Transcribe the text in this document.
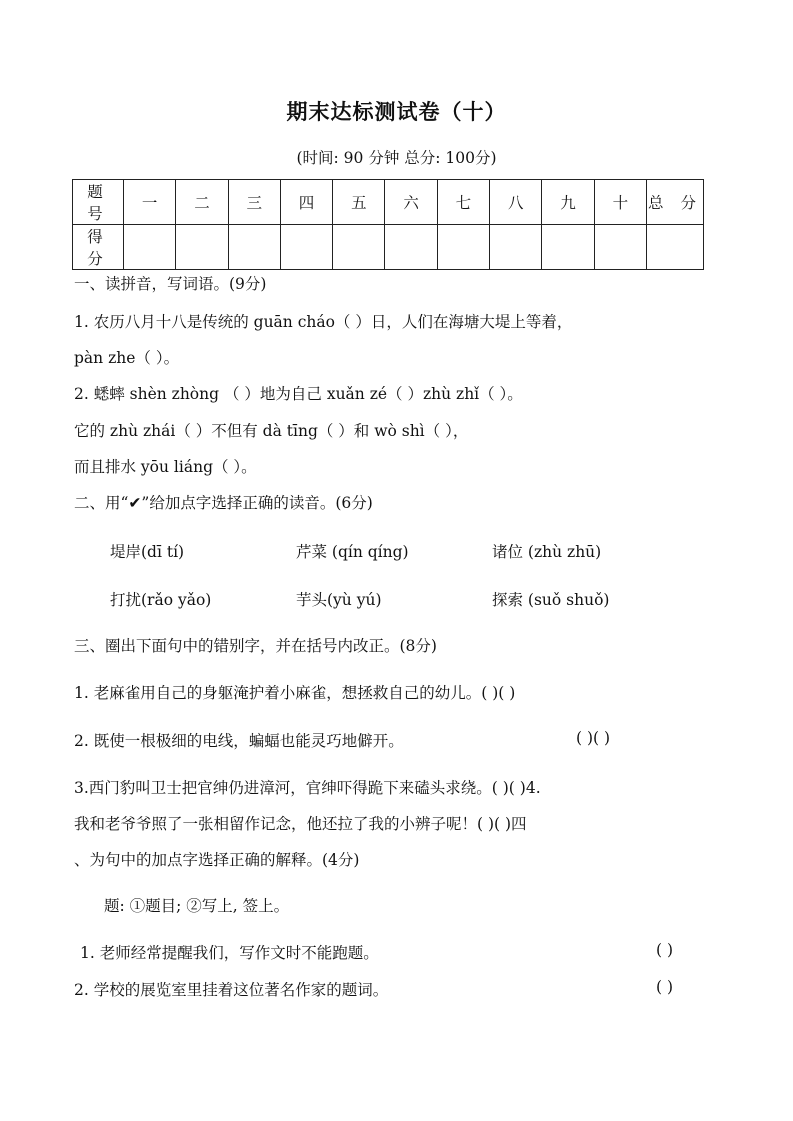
期末达标测试卷（十）
(时间: 90 分钟 总分: 100分)
题 号	一	二	三	四	五	六	七	八	九	十	总 分
得 分											
一、读拼音，写词语。(9分)
1. 农历八月十八是传统的 guān cháo（ ）日，人们在海塘大堤上等着，
pàn zhe（ ）。
2. 蟋蟀 shèn zhòng （ ）地为自己 xuǎn zé（ ）zhù zhǐ（ ）。
它的 zhù zhái（ ）不但有 dà tīng（ ）和 wò shì（ ），
而且排水 yōu liáng（ ）。
二、用“✔”给加点字选择正确的读音。(6分)
堤岸(dī tí)	芹菜 (qín qíng)	诸位 (zhù zhū)
打扰(rǎo yǎo)	芋头(yù yú)	探索 (suǒ shuǒ)
三、圈出下面句中的错别字，并在括号内改正。(8分)
1. 老麻雀用自己的身躯淹护着小麻雀，想拯救自己的幼儿。( )( )
2. 既使一根极细的电线，蝙蝠也能灵巧地僻开。	( )( )
3.西门豹叫卫士把官绅仍进漳河，官绅吓得跪下来磕头求绕。( )( )4.
我和老爷爷照了一张相留作记念，他还拉了我的小辨子呢！( )( )四
、为句中的加点字选择正确的解释。(4分)
题: ①题目; ②写上, 签上。
1. 老师经常提醒我们，写作文时不能跑题。	( )
2. 学校的展览室里挂着这位著名作家的题词。	( )
